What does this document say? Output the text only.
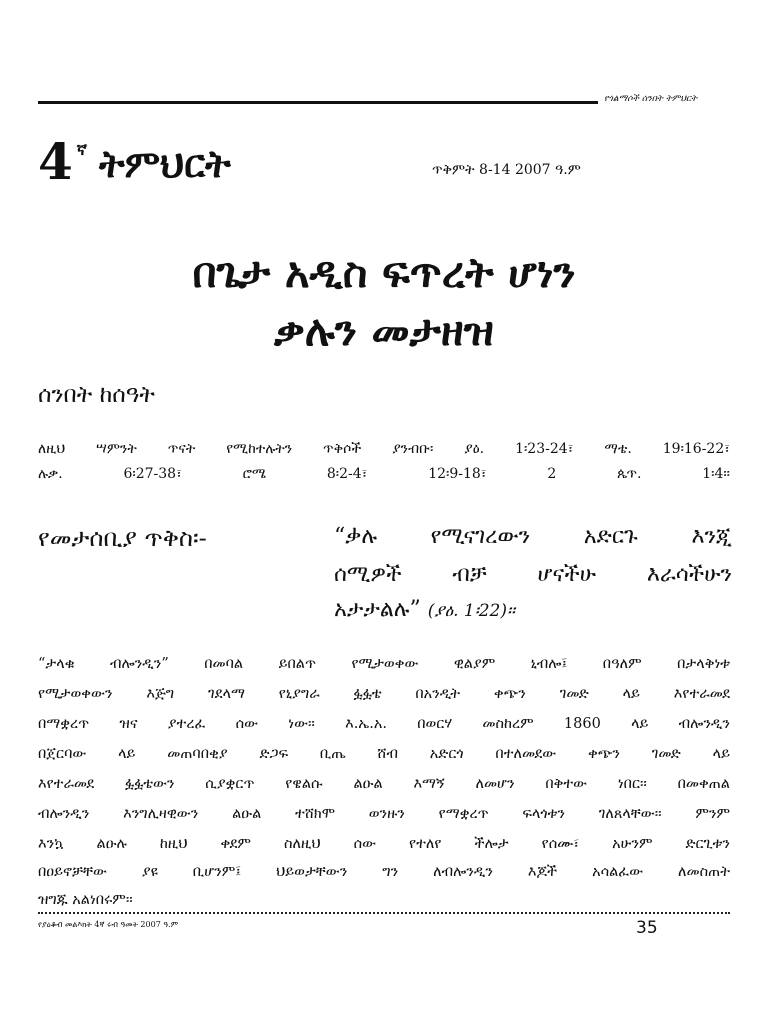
የጎልማሶች ሰንበት ትምህርት
4 ኛ ትምህርት	ጥቅምት 8-14 2007 ዓ.ም
በጌታ አዲስ ፍጥረት ሆነን
ቃሉን መታዘዝ
ሰንበት ከሰዓት
ለዚህ ሣምንት ጥናት የሚከተሉትን ጥቅሶች ያንብቡ፡ ያዕ. 1፡23-24፣ ማቴ. 19፡16-22፣
ሉቃ. 6፡27-38፣ ሮሜ 8፡2-4፣ 12፡9-18፣ 2 ጴጥ. 1፡4፡፡
የመታሰቢያ ጥቅስ፡-	“ቃሉ የሚናገረውን አድርጉ እንጂ
ሰሚዎች ብቻ ሆናችሁ እራሳችሁን
አታታልሉ” (ያዕ. 1፡22)፡፡
“ታላቁ ብሎንዲን” በመባል ይበልጥ የሚታወቀው ዊልያም ኒብሎ፤ በዓለም በታላቅነቱ
የሚታወቀውን እጅግ ገደላማ የኒያግራ ፏፏቴ በአንዲት ቀጭን ገመድ ላይ እየተራመደ
በማቋረጥ ዝና ያተረፈ ሰው ነው፡፡ እ.ኤ.አ. በወርሃ መስከረም 1860 ላይ ብሎንዲን
በጀርባው ላይ መጠባበቂያ ድጋፍ ቢጤ ሸብ አድርጎ በተለመደው ቀጭን ገመድ ላይ
እየተራመደ ፏፏቴውን ሲያቋርጥ የዌልሱ ልዑል እማኝ ለመሆን በቅተው ነበር፡፡ በመቀጠል
ብሎንዲን እንግሊዛዊውን ልዑል ተሸክሞ ወንዙን የማቋረጥ ፍላጎቱን ገለጸላቸው፡፡ ምንም
እንኳ ልዑሉ ከዚህ ቀደም ስለዚህ ሰው የተለየ ችሎታ የሰሙ፣ አሁንም ድርጊቱን
በዐይኖቻቸው ያዩ ቢሆንም፤ ህይወታቸውን ግን ለብሎንዲን እጆች አሳልፈው ለመስጠት
ዝግጁ አልነበሩም፡፡
የያዕቆብ መልእክት 4ኛ ሩብ ዓመት 2007 ዓ.ም	35
